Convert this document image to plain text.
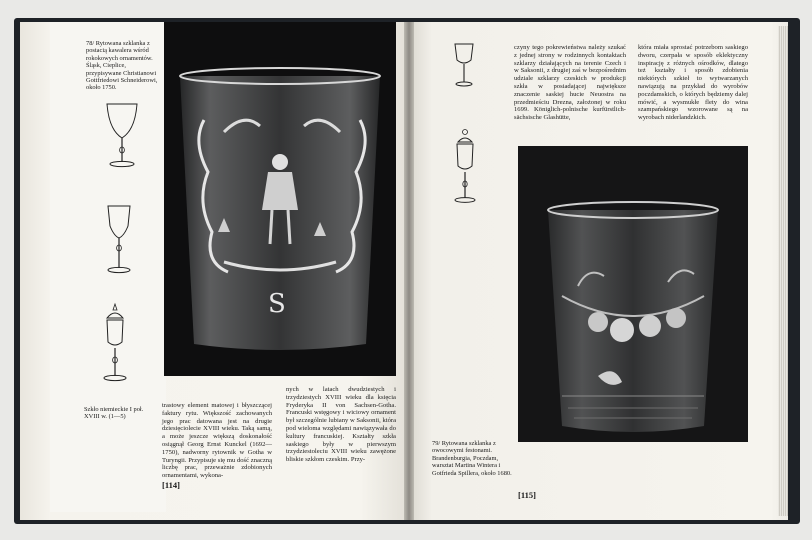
78/ Rytowana szklanka z postacią kawalera wśród rokokowych ornamentów. Śląsk, Cieplice, przypisywane Christianowi Gottfriedowi Schneiderowi, około 1750.

Szkło niemieckie I poł. XVIII w. (1—5)

S

trastowy element matowej i błyszczącej faktury rytu. Większość zachowanych jego prac datowana jest na drugie dziesięciolecie XVIII wieku. Taką samą, a może jeszcze większą doskonałość osiągnął Georg Ernst Kunckel (1692—1750), nadworny rytownik w Gotha w Turyngii. Przypisuje się mu dość znaczną liczbę prac, przeważnie zdobionych ornamentami, wykona-

nych w latach dwudziestych i trzydziestych XVIII wieku dla księcia Fryderyka II von Sachsen-Gotha. Francuski wstęgowy i wiciowy ornament był szczególnie lubiany w Saksonii, która pod wieloma względami nawiązywała do kultury francuskiej. Kształty szkła saskiego były w pierwszym trzydziestoleciu XVIII wieku zawężone bliskie szkłom czeskim. Przy-

[114]

czyny tego pokrewieństwa należy szukać z jednej strony w rodzinnych kontaktach szklarzy działających na terenie Czech i w Saksonii, z drugiej zaś w bezpośrednim udziale szklarzy czeskich w produkcji szkła w posiadającej największe znaczenie saskiej hucie Neuostra na przedmieściu Drezna, założonej w roku 1699. Königlich-polnische kurfürstlich-sächsische Glashütte,

która miała sprostać potrzebom saskiego dworu, czerpała w sposób eklektyczny inspirację z różnych ośrodków, dlatego też kształty i sposób zdobienia niektórych szkieł to wytwarzanych nawiązują na przykład do wyrobów poczdamskich, o których będziemy dalej mówić, a wysmukłe flety do wina szampańskiego wzorowane są na wyrobach niderlandzkich.

79/ Rytowana szklanka z owocowymi festonami. Brandenburgia, Poczdam, warsztat Martina Wintera i Gotfrieda Spillera, około 1680.

[115]
